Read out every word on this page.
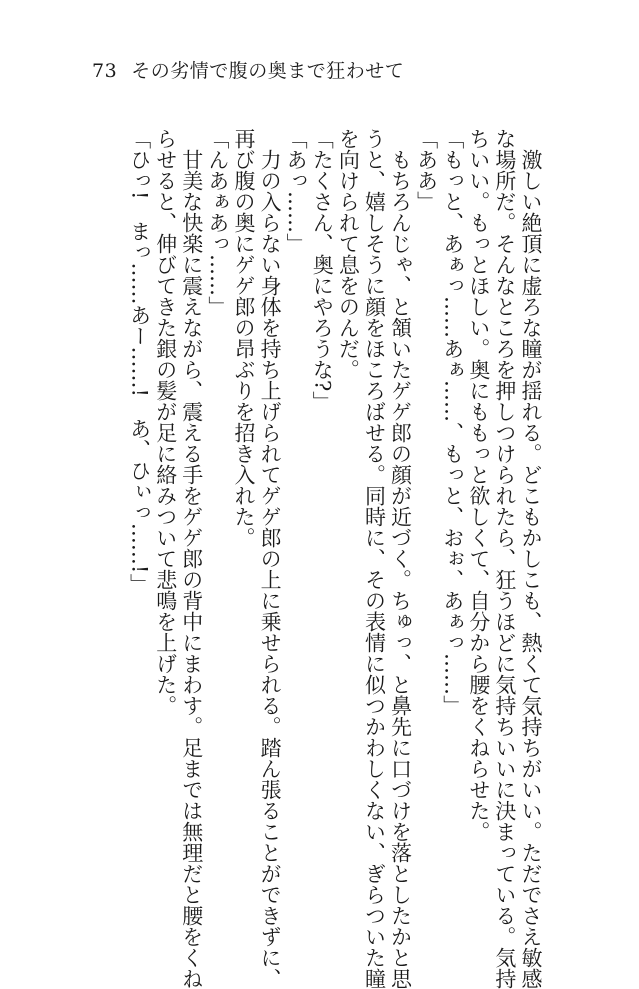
73 その劣情で腹の奥まで狂わせて
　激しい絶頂に虚ろな瞳が揺れる。どこもかしこも、熱くて気持ちがいい。ただでさえ敏感
な場所だ。そんなところを押しつけられたら、狂うほどに気持ちいいに決まっている。気持
ちいい。もっとほしい。奥にももっと欲しくて、自分から腰をくねらせた。
「もっと、あぁっ……あぁ……、もっと、おぉ、あぁっ……」
「ああ」
　もちろんじゃ、と頷いたゲゲ郎の顔が近づく。ちゅっ、と鼻先に口づけを落としたかと思
うと、嬉しそうに顔をほころばせる。同時に、その表情に似つかわしくない、ぎらついた瞳
を向けられて息をのんだ。
「たくさん、奥にやろうな?」
「あっ……」
　力の入らない身体を持ち上げられてゲゲ郎の上に乗せられる。踏ん張ることができずに、
再び腹の奥にゲゲ郎の昂ぶりを招き入れた。
「んあぁあっ……」
　甘美な快楽に震えながら、震える手をゲゲ郎の背中にまわす。足までは無理だと腰をくね
らせると、伸びてきた銀の髪が足に絡みついて悲鳴を上げた。
「ひっ!　まっ……あー……!　あ、ひぃっ……!」
